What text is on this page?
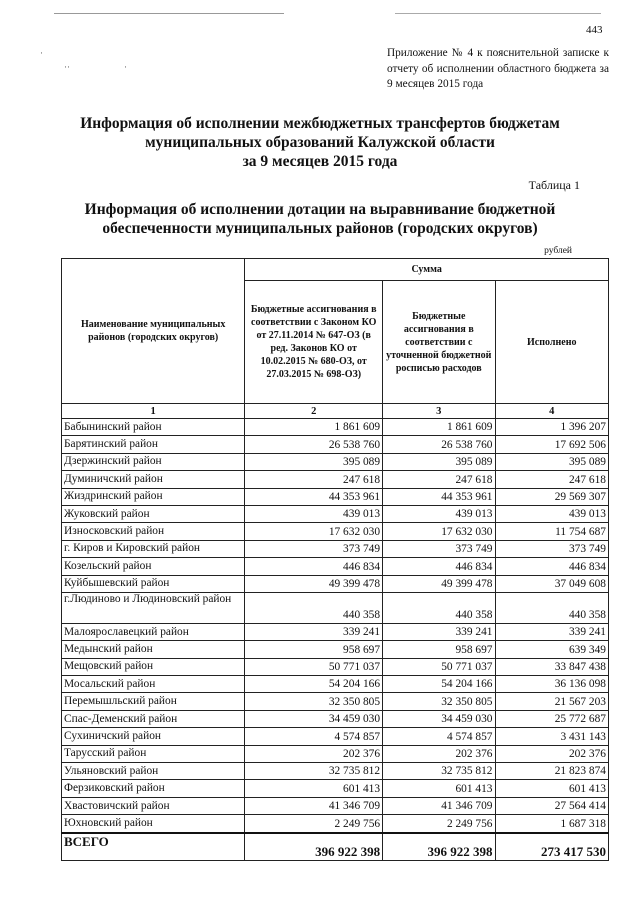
443
·
··	·
Приложение № 4 к пояснительной записке к отчету об исполнении областного бюджета за 9 месяцев 2015 года
Информация об исполнении межбюджетных трансфертов бюджетам
муниципальных образований Калужской области
за 9 месяцев 2015 года
Таблица 1
Информация об исполнении дотации на выравнивание бюджетной
обеспеченности муниципальных районов (городских округов)
рублей
Наименование муниципальных районов (городских округов)	Сумма		
	Бюджетные ассигнования в соответствии с Законом КО от 27.11.2014 № 647-ОЗ (в ред. Законов КО от 10.02.2015 № 680-ОЗ, от 27.03.2015 № 698-ОЗ)	Бюджетные ассигнования в соответствии с уточненной бюджетной росписью расходов	Исполнено
1	2	3	4
Бабынинский район	1 861 609	1 861 609	1 396 207
Барятинский район	26 538 760	26 538 760	17 692 506
Дзержинский район	395 089	395 089	395 089
Думиничский район	247 618	247 618	247 618
Жиздринский район	44 353 961	44 353 961	29 569 307
Жуковский район	439 013	439 013	439 013
Износковский район	17 632 030	17 632 030	11 754 687
г. Киров и Кировский район	373 749	373 749	373 749
Козельский район	446 834	446 834	446 834
Куйбышевский район	49 399 478	49 399 478	37 049 608
г.Людиново и Людиновский район	440 358	440 358	440 358
Малоярославецкий район	339 241	339 241	339 241
Медынский район	958 697	958 697	639 349
Мещовский район	50 771 037	50 771 037	33 847 438
Мосальский район	54 204 166	54 204 166	36 136 098
Перемышльский район	32 350 805	32 350 805	21 567 203
Спас-Деменский район	34 459 030	34 459 030	25 772 687
Сухиничский район	4 574 857	4 574 857	3 431 143
Тарусский район	202 376	202 376	202 376
Ульяновский район	32 735 812	32 735 812	21 823 874
Ферзиковский район	601 413	601 413	601 413
Хвастовичский район	41 346 709	41 346 709	27 564 414
Юхновский район	2 249 756	2 249 756	1 687 318
ВСЕГО	396 922 398	396 922 398	273 417 530
